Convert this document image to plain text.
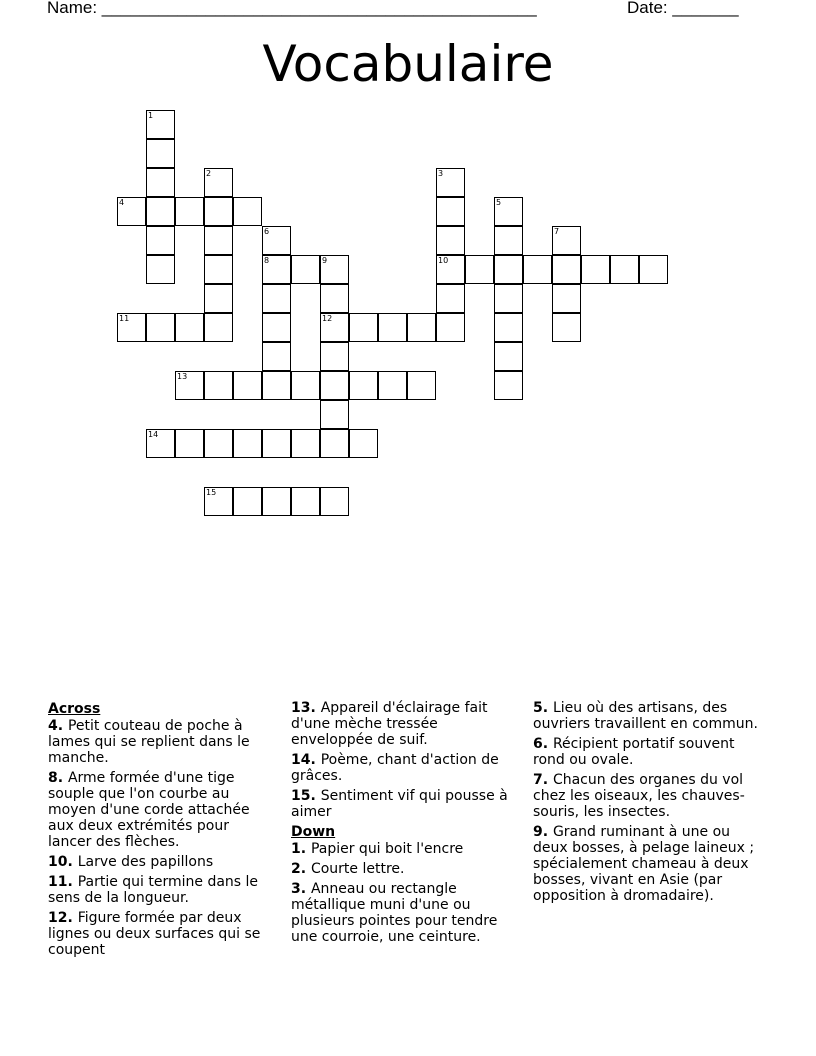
Name: ______________________________________________	Date: _______
Vocabulaire
1
2	3
10
4	5
6
8
7
9
12
11
13
14
15
Across
4. Petit couteau de poche à lames qui se replient dans le manche.
8. Arme formée d'une tige souple que l'on courbe au moyen d'une corde attachée aux deux extrémités pour lancer des flèches.
10. Larve des papillons
11. Partie qui termine dans le sens de la longueur.
12. Figure formée par deux lignes ou deux surfaces qui se coupent
13. Appareil d'éclairage fait d'une mèche tressée enveloppée de suif.
14. Poème, chant d'action de grâces.
15. Sentiment vif qui pousse à aimer
Down
1. Papier qui boit l'encre
2. Courte lettre.
3. Anneau ou rectangle métallique muni d'une ou plusieurs pointes pour tendre une courroie, une ceinture.
5. Lieu où des artisans, des ouvriers travaillent en commun.
6. Récipient portatif souvent rond ou ovale.
7. Chacun des organes du vol chez les oiseaux, les chauves-souris, les insectes.
9. Grand ruminant à une ou deux bosses, à pelage laineux ; spécialement chameau à deux bosses, vivant en Asie (par opposition à dromadaire).
